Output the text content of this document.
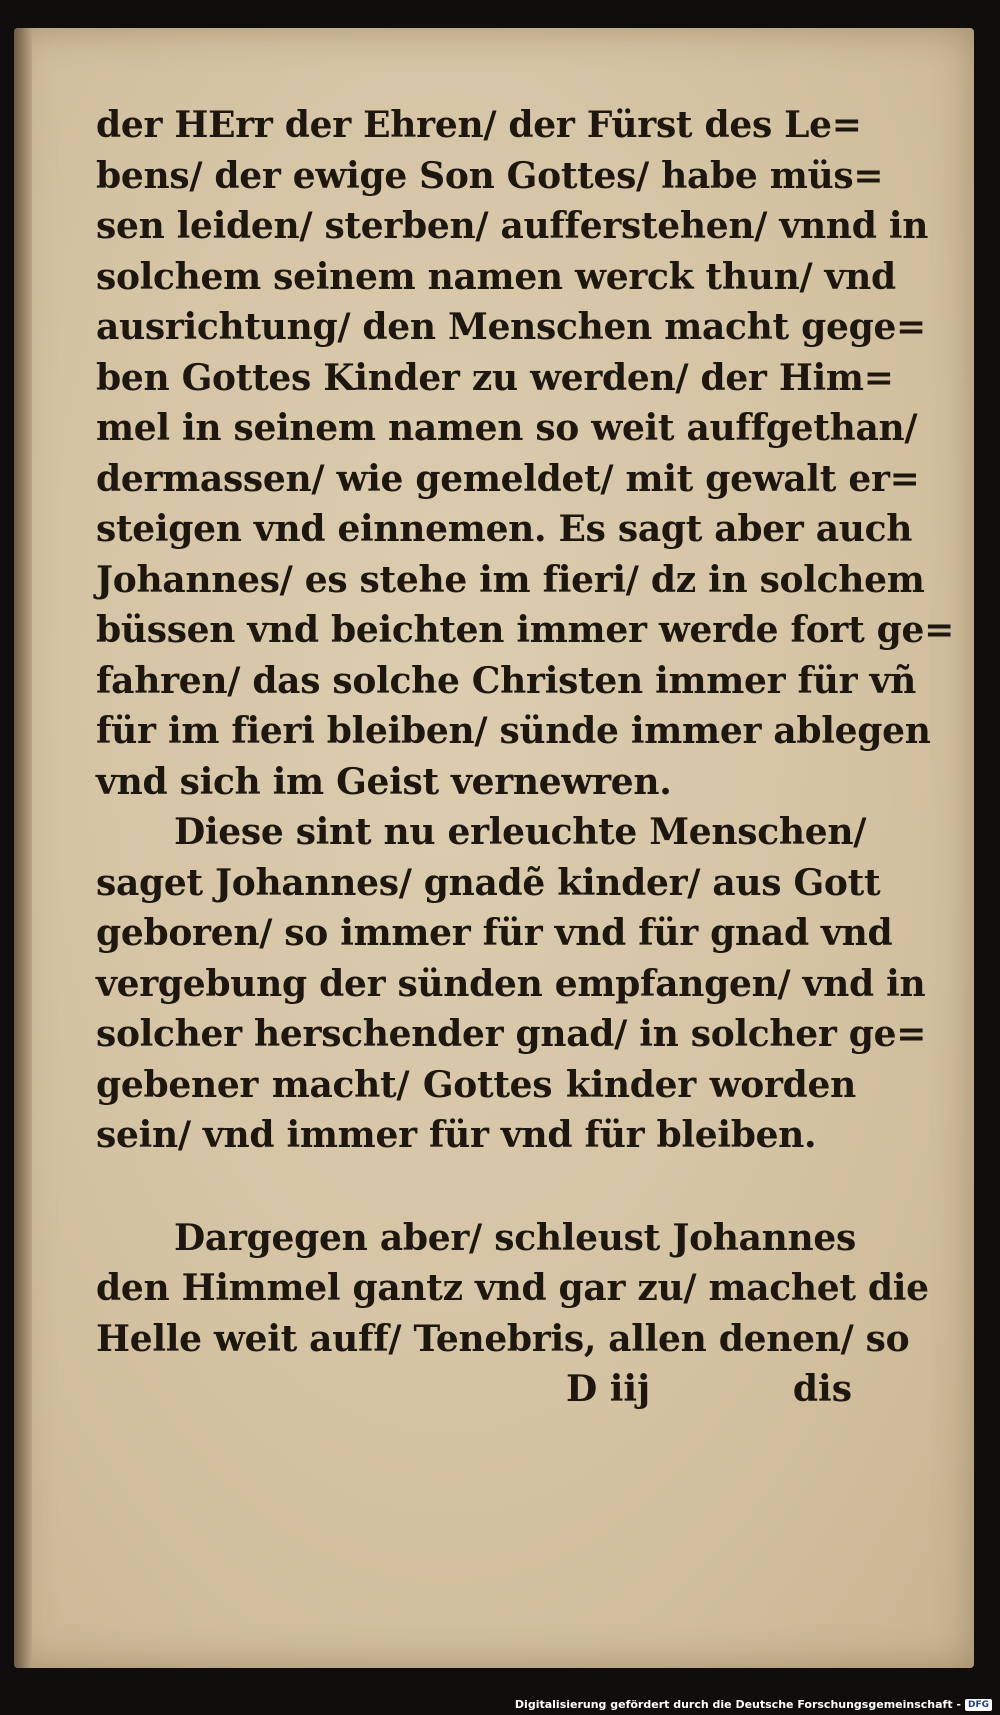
der HErr der Ehren/ der Fürst des Le=
bens/ der ewige Son Gottes/ habe müs=
sen leiden/ sterben/ aufferstehen/ vnnd in
solchem seinem namen werck thun/ vnd
ausrichtung/ den Menschen macht gege=
ben Gottes Kinder zu werden/ der Him=
mel in seinem namen so weit auffgethan/
dermassen/ wie gemeldet/ mit gewalt er=
steigen vnd einnemen. Es sagt aber auch
Johannes/ es stehe im fieri/ dz in solchem
büssen vnd beichten immer werde fort ge=
fahren/ das solche Christen immer für vñ
für im fieri bleiben/ sünde immer ablegen
vnd sich im Geist vernewren.
Diese sint nu erleuchte Menschen/
saget Johannes/ gnadẽ kinder/ aus Gott
geboren/ so immer für vnd für gnad vnd
vergebung der sünden empfangen/ vnd in
solcher herschender gnad/ in solcher ge=
gebener macht/ Gottes kinder worden
sein/ vnd immer für vnd für bleiben.
Dargegen aber/ schleust Johannes
den Himmel gantz vnd gar zu/ machet die
Helle weit auff/ Tenebris, allen denen/ so
D iij	dis
Digitalisierung gefördert durch die Deutsche Forschungsgemeinschaft - DFG
